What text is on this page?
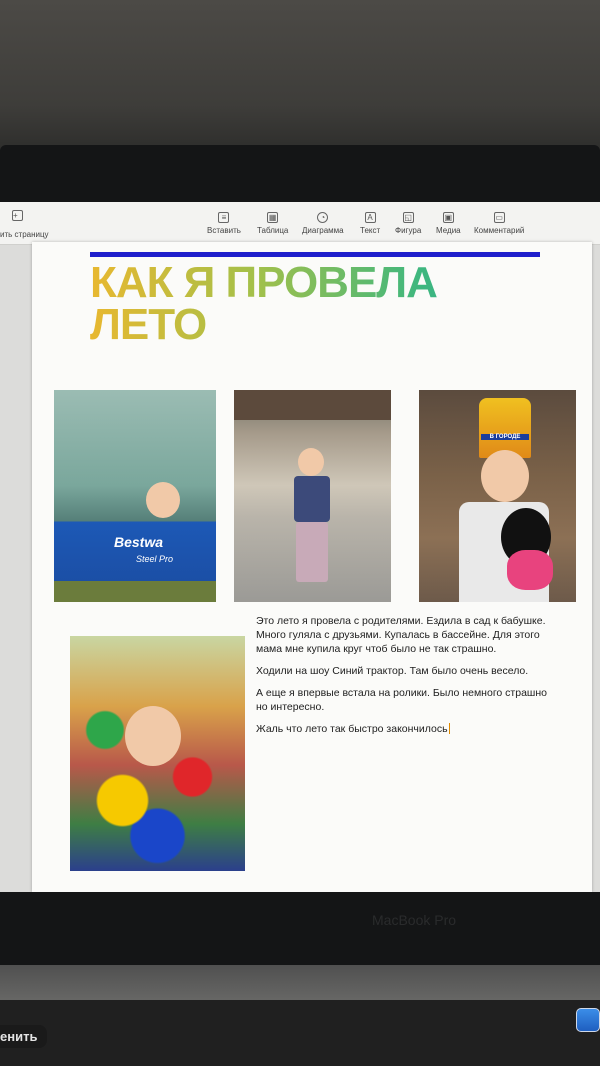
+
ить страницу
≡
Вставить
▦
Таблица
◔
Диаграмма
A
Текст
◱
Фигура
▣
Медиа
▭
Комментарий
КАК Я ПРОВЕЛА
ЛЕТО
Bestwa
Steel Pro
В ГОРОДЕ

Это лето я провела с родителями. Ездила в сад к бабушке. Много гуляла с друзьями. Купалась в бассейне. Для этого мама мне купила круг чтоб было не так страшно.

Ходили на шоу Синий трактор. Там было очень весело.

А еще я впервые встала на ролики. Было немного страшно но интересно.

Жаль что лето так быстро закончилось

MacBook Pro
енить
